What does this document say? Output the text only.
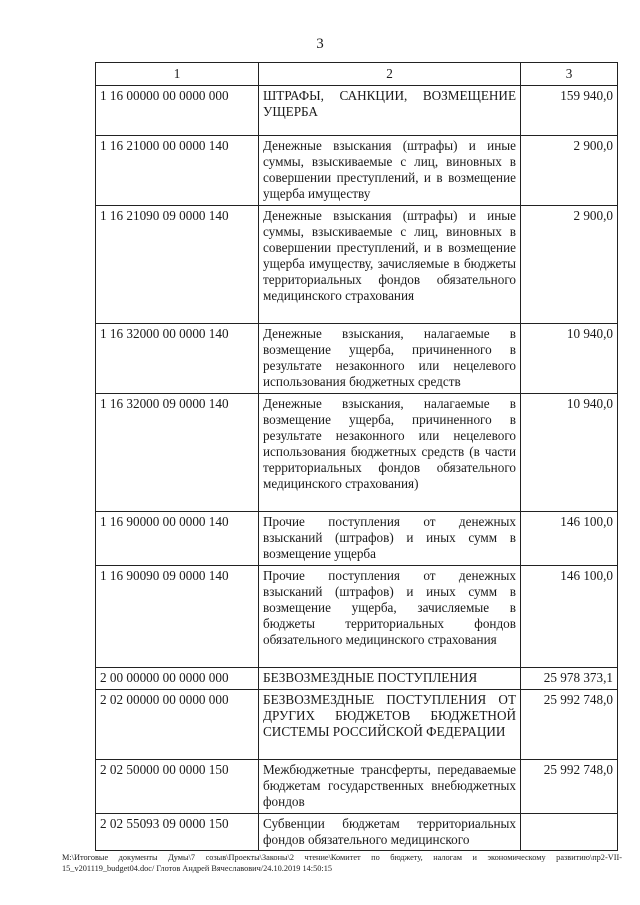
3
1	2	3
1 16 00000 00 0000 000	ШТРАФЫ, САНКЦИИ, ВОЗМЕЩЕНИЕ УЩЕРБА	159 940,0
1 16 21000 00 0000 140	Денежные взыскания (штрафы) и иные суммы, взыскиваемые с лиц, виновных в совершении преступлений, и в возмещение ущерба имуществу	2 900,0
1 16 21090 09 0000 140	Денежные взыскания (штрафы) и иные суммы, взыскиваемые с лиц, виновных в совершении преступлений, и в возмещение ущерба имуществу, зачисляемые в бюджеты территориальных фондов обязательного медицинского страхования	2 900,0
1 16 32000 00 0000 140	Денежные взыскания, налагаемые в возмещение ущерба, причиненного в результате незаконного или нецелевого использования бюджетных средств	10 940,0
1 16 32000 09 0000 140	Денежные взыскания, налагаемые в возмещение ущерба, причиненного в результате незаконного или нецелевого использования бюджетных средств (в части территориальных фондов обязательного медицинского страхования)	10 940,0
1 16 90000 00 0000 140	Прочие поступления от денежных взысканий (штрафов) и иных сумм в возмещение ущерба	146 100,0
1 16 90090 09 0000 140	Прочие поступления от денежных взысканий (штрафов) и иных сумм в возмещение ущерба, зачисляемые в бюджеты территориальных фондов обязательного медицинского страхования	146 100,0
2 00 00000 00 0000 000	БЕЗВОЗМЕЗДНЫЕ ПОСТУПЛЕНИЯ	25 978 373,1
2 02 00000 00 0000 000	БЕЗВОЗМЕЗДНЫЕ ПОСТУПЛЕНИЯ ОТ ДРУГИХ БЮДЖЕТОВ БЮДЖЕТНОЙ СИСТЕМЫ РОССИЙСКОЙ ФЕДЕРАЦИИ	25 992 748,0
2 02 50000 00 0000 150	Межбюджетные трансферты, передаваемые бюджетам государственных внебюджетных фондов	25 992 748,0
2 02 55093 09 0000 150	Субвенции бюджетам территориальных фондов обязательного медицинского	
M:\Итоговые документы Думы\7 созыв\Проекты\Законы\2 чтение\Комитет по бюджету, налогам и экономическому развитию\пр2-VII-15_v201119_budget04.doc/ Глотов Андрей Вячеславович/24.10.2019 14:50:15
